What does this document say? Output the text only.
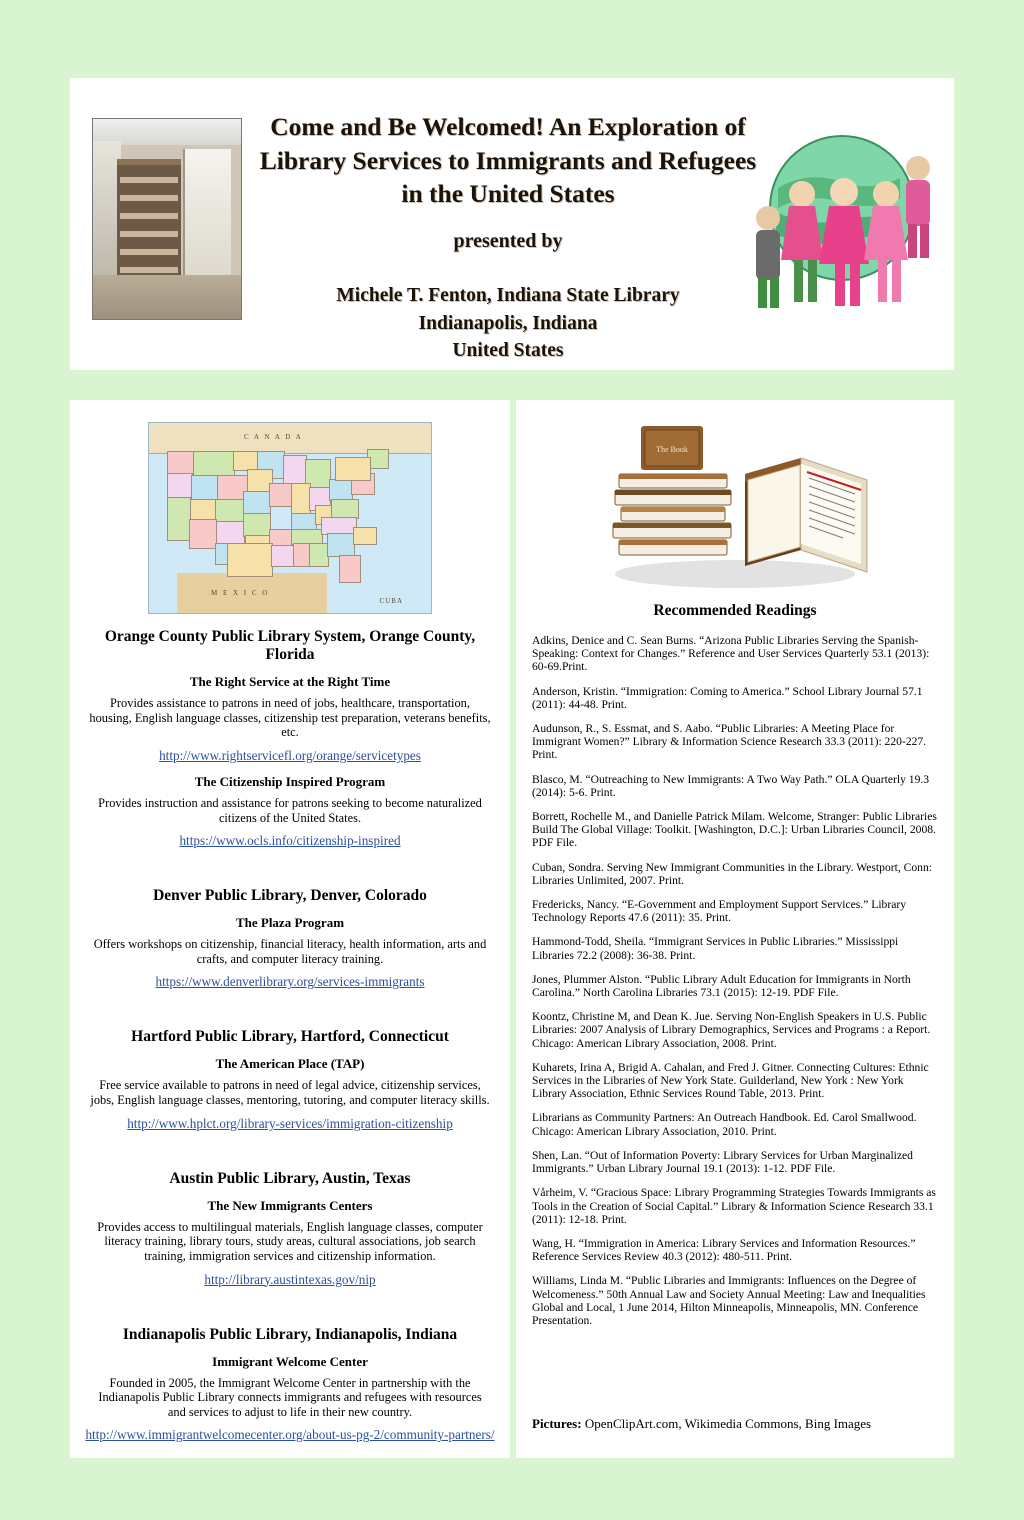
Come and Be Welcomed! An Exploration of Library Services to Immigrants and Refugees in the United States
presented by
Michele T. Fenton, Indiana State Library
Indianapolis, Indiana
United States
C A N A D A
M E X I C O
CUBA
Orange County Public Library System, Orange County, Florida
The Right Service at the Right Time
Provides assistance to patrons in need of jobs, healthcare, transportation, housing, English language classes, citizenship test preparation, veterans benefits, etc.
http://www.rightservicefl.org/orange/servicetypes
The Citizenship Inspired Program
Provides instruction and assistance for patrons seeking to become naturalized citizens of the United States.
https://www.ocls.info/citizenship-inspired
Denver Public Library, Denver, Colorado
The Plaza Program
Offers workshops on citizenship, financial literacy, health information, arts and crafts, and computer literacy training.
https://www.denverlibrary.org/services-immigrants
Hartford Public Library, Hartford, Connecticut
The American Place (TAP)
Free service available to patrons in need of legal advice, citizenship services, jobs, English language classes, mentoring, tutoring, and computer literacy skills.
http://www.hplct.org/library-services/immigration-citizenship
Austin Public Library, Austin, Texas
The New Immigrants Centers
Provides access to multilingual materials, English language classes, computer literacy training, library tours, study areas, cultural associations, job search training, immigration services and citizenship information.
http://library.austintexas.gov/nip
Indianapolis Public Library, Indianapolis, Indiana
Immigrant Welcome Center
Founded in 2005, the Immigrant Welcome Center in partnership with the Indianapolis Public Library connects immigrants and refugees with resources and services to adjust to life in their new country.
http://www.immigrantwelcomecenter.org/about-us-pg-2/community-partners/
The Book
Recommended Readings
Adkins, Denice and C. Sean Burns. “Arizona Public Libraries Serving the Spanish-Speaking: Context for Changes.” Reference and User Services Quarterly 53.1 (2013): 60-69.Print.
Anderson, Kristin. “Immigration: Coming to America.” School Library Journal 57.1 (2011): 44-48. Print.
Audunson, R., S. Essmat, and S. Aabo. “Public Libraries: A Meeting Place for Immigrant Women?” Library & Information Science Research 33.3 (2011): 220-227. Print.
Blasco, M. “Outreaching to New Immigrants: A Two Way Path.” OLA Quarterly 19.3 (2014): 5-6. Print.
Borrett, Rochelle M., and Danielle Patrick Milam. Welcome, Stranger: Public Libraries Build The Global Village: Toolkit. [Washington, D.C.]: Urban Libraries Council, 2008. PDF File.
Cuban, Sondra. Serving New Immigrant Communities in the Library. Westport, Conn: Libraries Unlimited, 2007. Print.
Fredericks, Nancy. “E-Government and Employment Support Services.” Library Technology Reports 47.6 (2011): 35. Print.
Hammond-Todd, Sheila. “Immigrant Services in Public Libraries.” Mississippi Libraries 72.2 (2008): 36-38. Print.
Jones, Plummer Alston. “Public Library Adult Education for Immigrants in North Carolina.” North Carolina Libraries 73.1 (2015): 12-19. PDF File.
Koontz, Christine M, and Dean K. Jue. Serving Non-English Speakers in U.S. Public Libraries: 2007 Analysis of Library Demographics, Services and Programs : a Report. Chicago: American Library Association, 2008. Print.
Kuharets, Irina A, Brigid A. Cahalan, and Fred J. Gitner. Connecting Cultures: Ethnic Services in the Libraries of New York State. Guilderland, New York : New York Library Association, Ethnic Services Round Table, 2013. Print.
Librarians as Community Partners: An Outreach Handbook. Ed. Carol Smallwood. Chicago: American Library Association, 2010. Print.
Shen, Lan. “Out of Information Poverty: Library Services for Urban Marginalized Immigrants.” Urban Library Journal 19.1 (2013): 1-12. PDF File.
Vårheim, V. “Gracious Space: Library Programming Strategies Towards Immigrants as Tools in the Creation of Social Capital.” Library & Information Science Research 33.1 (2011): 12-18. Print.
Wang, H. “Immigration in America: Library Services and Information Resources.” Reference Services Review 40.3 (2012): 480-511. Print.
Williams, Linda M. “Public Libraries and Immigrants: Influences on the Degree of Welcomeness.” 50th Annual Law and Society Annual Meeting: Law and Inequalities Global and Local, 1 June 2014, Hilton Minneapolis, Minneapolis, MN. Conference Presentation.
Pictures: OpenClipArt.com, Wikimedia Commons, Bing Images
